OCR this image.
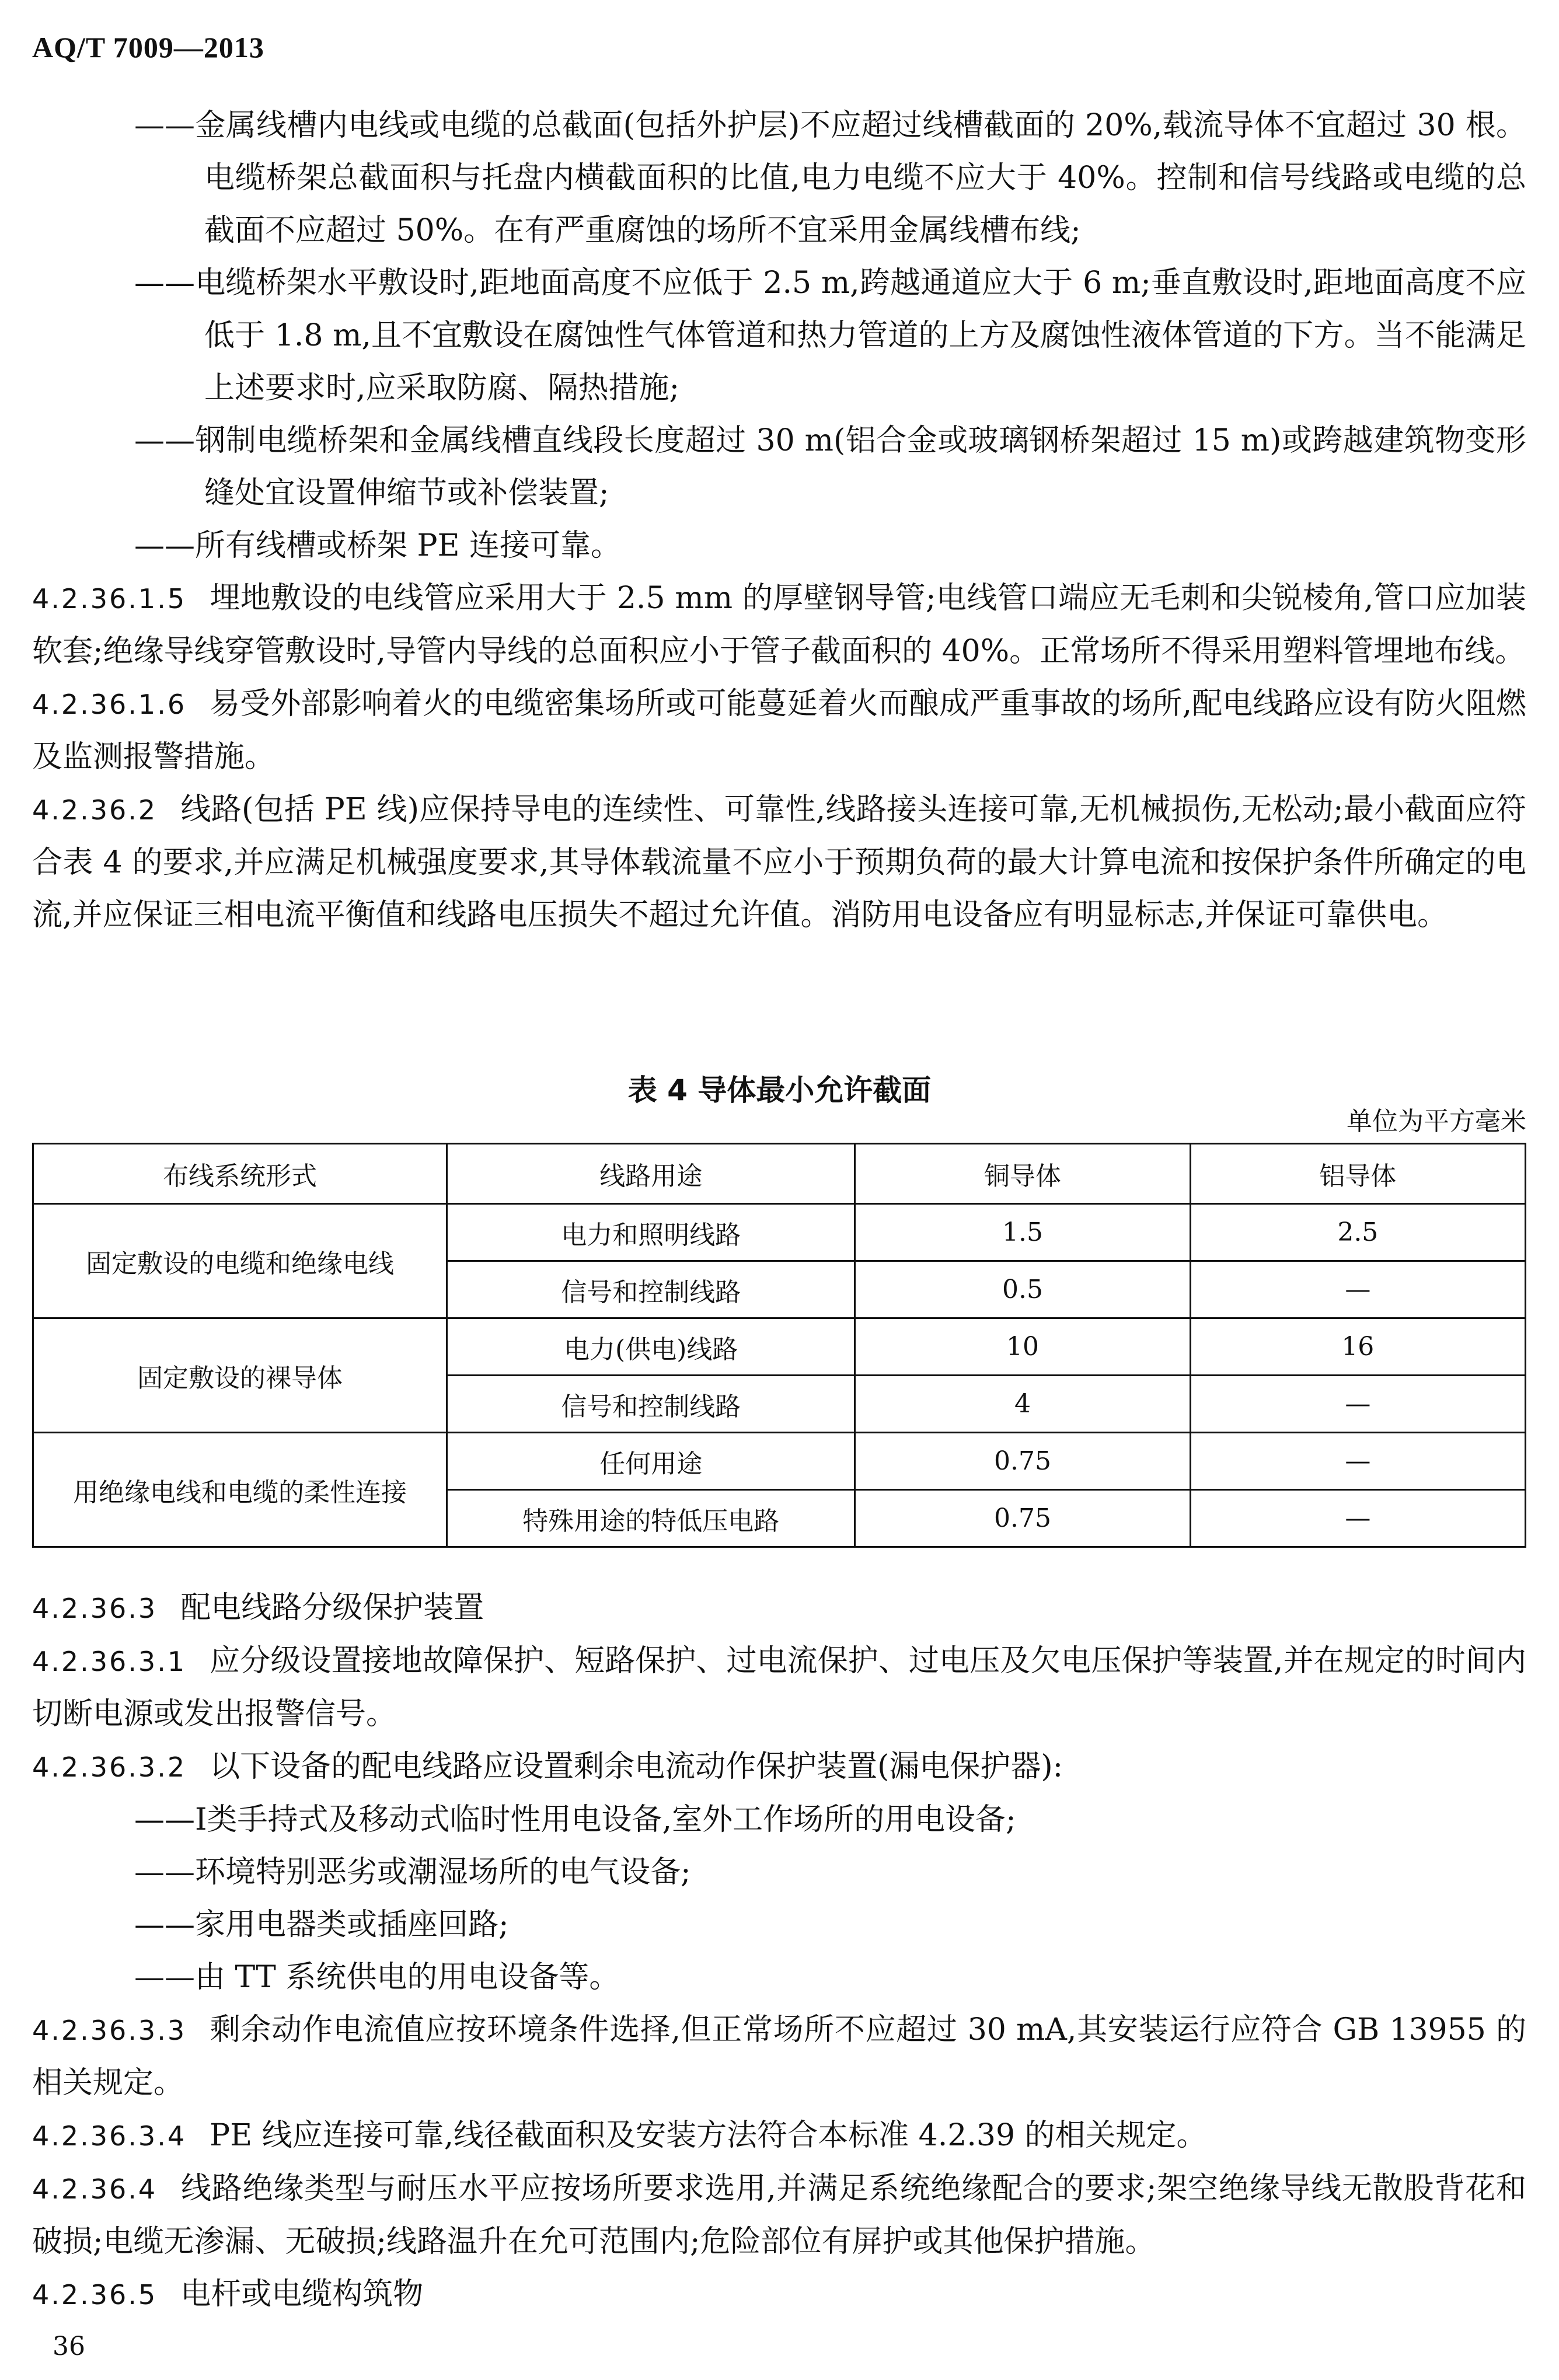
AQ/T 7009—2013

——金属线槽内电线或电缆的总截面(包括外护层)不应超过线槽截面的 20%,载流导体不宜超过 30 根。电缆桥架总截面积与托盘内横截面积的比值,电力电缆不应大于 40%。控制和信号线路或电缆的总截面不应超过 50%。在有严重腐蚀的场所不宜采用金属线槽布线;

——电缆桥架水平敷设时,距地面高度不应低于 2.5 m,跨越通道应大于 6 m;垂直敷设时,距地面高度不应低于 1.8 m,且不宜敷设在腐蚀性气体管道和热力管道的上方及腐蚀性液体管道的下方。当不能满足上述要求时,应采取防腐、隔热措施;

——钢制电缆桥架和金属线槽直线段长度超过 30 m(铝合金或玻璃钢桥架超过 15 m)或跨越建筑物变形缝处宜设置伸缩节或补偿装置;

——所有线槽或桥架 PE 连接可靠。

4.2.36.1.5 埋地敷设的电线管应采用大于 2.5 mm 的厚壁钢导管;电线管口端应无毛刺和尖锐棱角,管口应加装软套;绝缘导线穿管敷设时,导管内导线的总面积应小于管子截面积的 40%。正常场所不得采用塑料管埋地布线。

4.2.36.1.6 易受外部影响着火的电缆密集场所或可能蔓延着火而酿成严重事故的场所,配电线路应设有防火阻燃及监测报警措施。

4.2.36.2 线路(包括 PE 线)应保持导电的连续性、可靠性,线路接头连接可靠,无机械损伤,无松动;最小截面应符合表 4 的要求,并应满足机械强度要求,其导体载流量不应小于预期负荷的最大计算电流和按保护条件所确定的电流,并应保证三相电流平衡值和线路电压损失不超过允许值。消防用电设备应有明显标志,并保证可靠供电。

表 4 导体最小允许截面
单位为平方毫米
布线系统形式	线路用途	铜导体	铝导体
固定敷设的电缆和绝缘电线	电力和照明线路	1.5	2.5
	信号和控制线路	0.5	—
固定敷设的裸导体	电力(供电)线路	10	16
	信号和控制线路	4	—
用绝缘电线和电缆的柔性连接	任何用途	0.75	—
	特殊用途的特低压电路	0.75	—

4.2.36.3 配电线路分级保护装置

4.2.36.3.1 应分级设置接地故障保护、短路保护、过电流保护、过电压及欠电压保护等装置,并在规定的时间内切断电源或发出报警信号。

4.2.36.3.2 以下设备的配电线路应设置剩余电流动作保护装置(漏电保护器):

——Ⅰ类手持式及移动式临时性用电设备,室外工作场所的用电设备;

——环境特别恶劣或潮湿场所的电气设备;

——家用电器类或插座回路;

——由 TT 系统供电的用电设备等。

4.2.36.3.3 剩余动作电流值应按环境条件选择,但正常场所不应超过 30 mA,其安装运行应符合 GB 13955 的相关规定。

4.2.36.3.4 PE 线应连接可靠,线径截面积及安装方法符合本标准 4.2.39 的相关规定。

4.2.36.4 线路绝缘类型与耐压水平应按场所要求选用,并满足系统绝缘配合的要求;架空绝缘导线无散股背花和破损;电缆无渗漏、无破损;线路温升在允可范围内;危险部位有屏护或其他保护措施。

4.2.36.5 电杆或电缆构筑物

36
